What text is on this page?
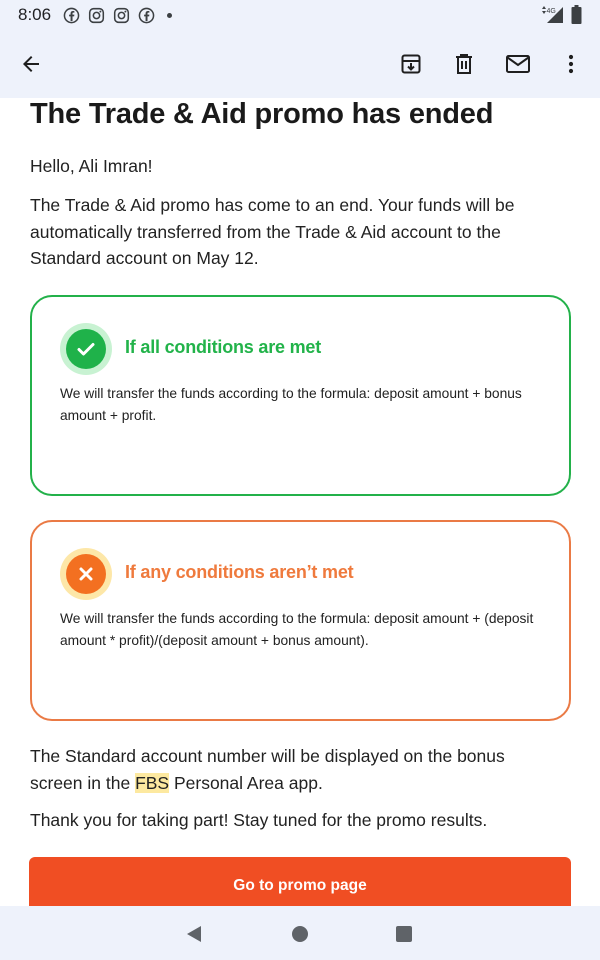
8:06	4G
The Trade & Aid promo has ended
Hello, Ali Imran!
The Trade & Aid promo has come to an end. Your funds will be automatically transferred from the Trade & Aid account to the Standard account on May 12.
If all conditions are met
We will transfer the funds according to the formula: deposit amount + bonus amount + profit.
If any conditions aren’t met
We will transfer the funds according to the formula: deposit amount + (deposit amount * profit)/(deposit amount + bonus amount).
The Standard account number will be displayed on the bonus screen in the FBS Personal Area app.
Thank you for taking part! Stay tuned for the promo results.
Go to promo page
